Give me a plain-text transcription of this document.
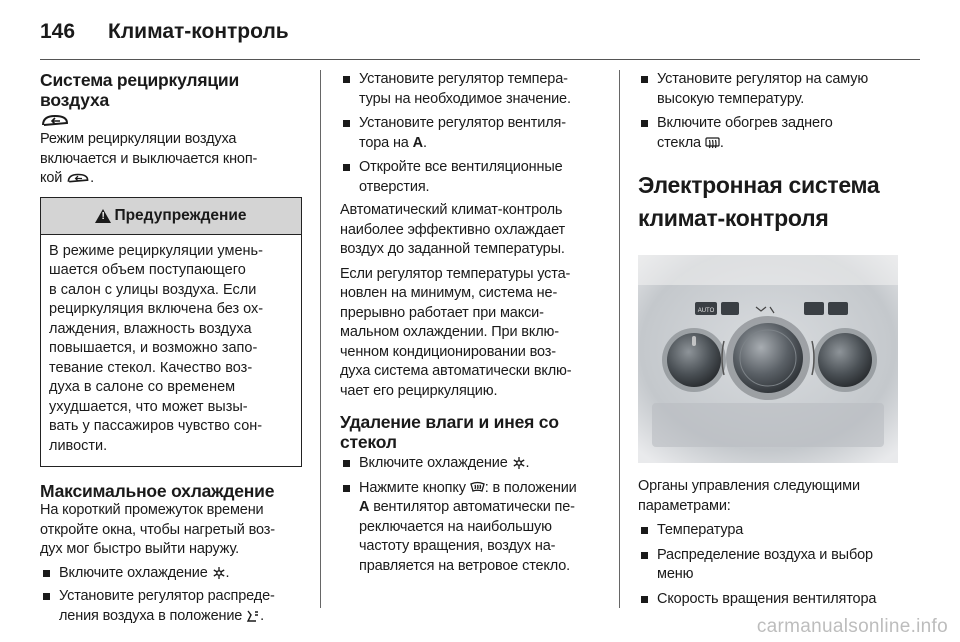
146	Климат-контроль
Система рециркуляции
воздуха

Режим рециркуляции воздуха
включается и выключается кноп-
кой .

!
Предупреждение
В режиме рециркуляции умень-
шается объем поступающего
в салон с улицы воздуха. Если
рециркуляция включена без ох-
лаждения, влажность воздуха
повышается, и возможно запо-
тевание стекол. Качество воз-
духа в салоне со временем
ухудшается, что может вызы-
вать у пассажиров чувство сон-
ливости.
Максимальное охлаждение

На короткий промежуток времени
откройте окна, чтобы нагретый воз-
дух мог быстро выйти наружу.

Включите охлаждение .
Установите регулятор распреде-
ления воздуха в положение .
Установите регулятор темпера-
туры на необходимое значение.
Установите регулятор вентиля-
тора на A.
Откройте все вентиляционные
отверстия.

Автоматический климат-контроль
наиболее эффективно охлаждает
воздух до заданной температуры.

Если регулятор температуры уста-
новлен на минимум, система не-
прерывно работает при макси-
мальном охлаждении. При вклю-
ченном кондиционировании воз-
духа система автоматически вклю-
чает его рециркуляцию.

Удаление влаги и инея со
стекол
Включите охлаждение .
Нажмите кнопку : в положении
A вентилятор автоматически пе-
реключается на наибольшую
частоту вращения, воздух на-
правляется на ветровое стекло.
Установите регулятор на самую
высокую температуру.
Включите обогрев заднего
стекла .
Электронная система
климат-контроля
AUTO

Органы управления следующими
параметрами:

Температура
Распределение воздуха и выбор
меню
Скорость вращения вентилятора
carmanualsonline.info
